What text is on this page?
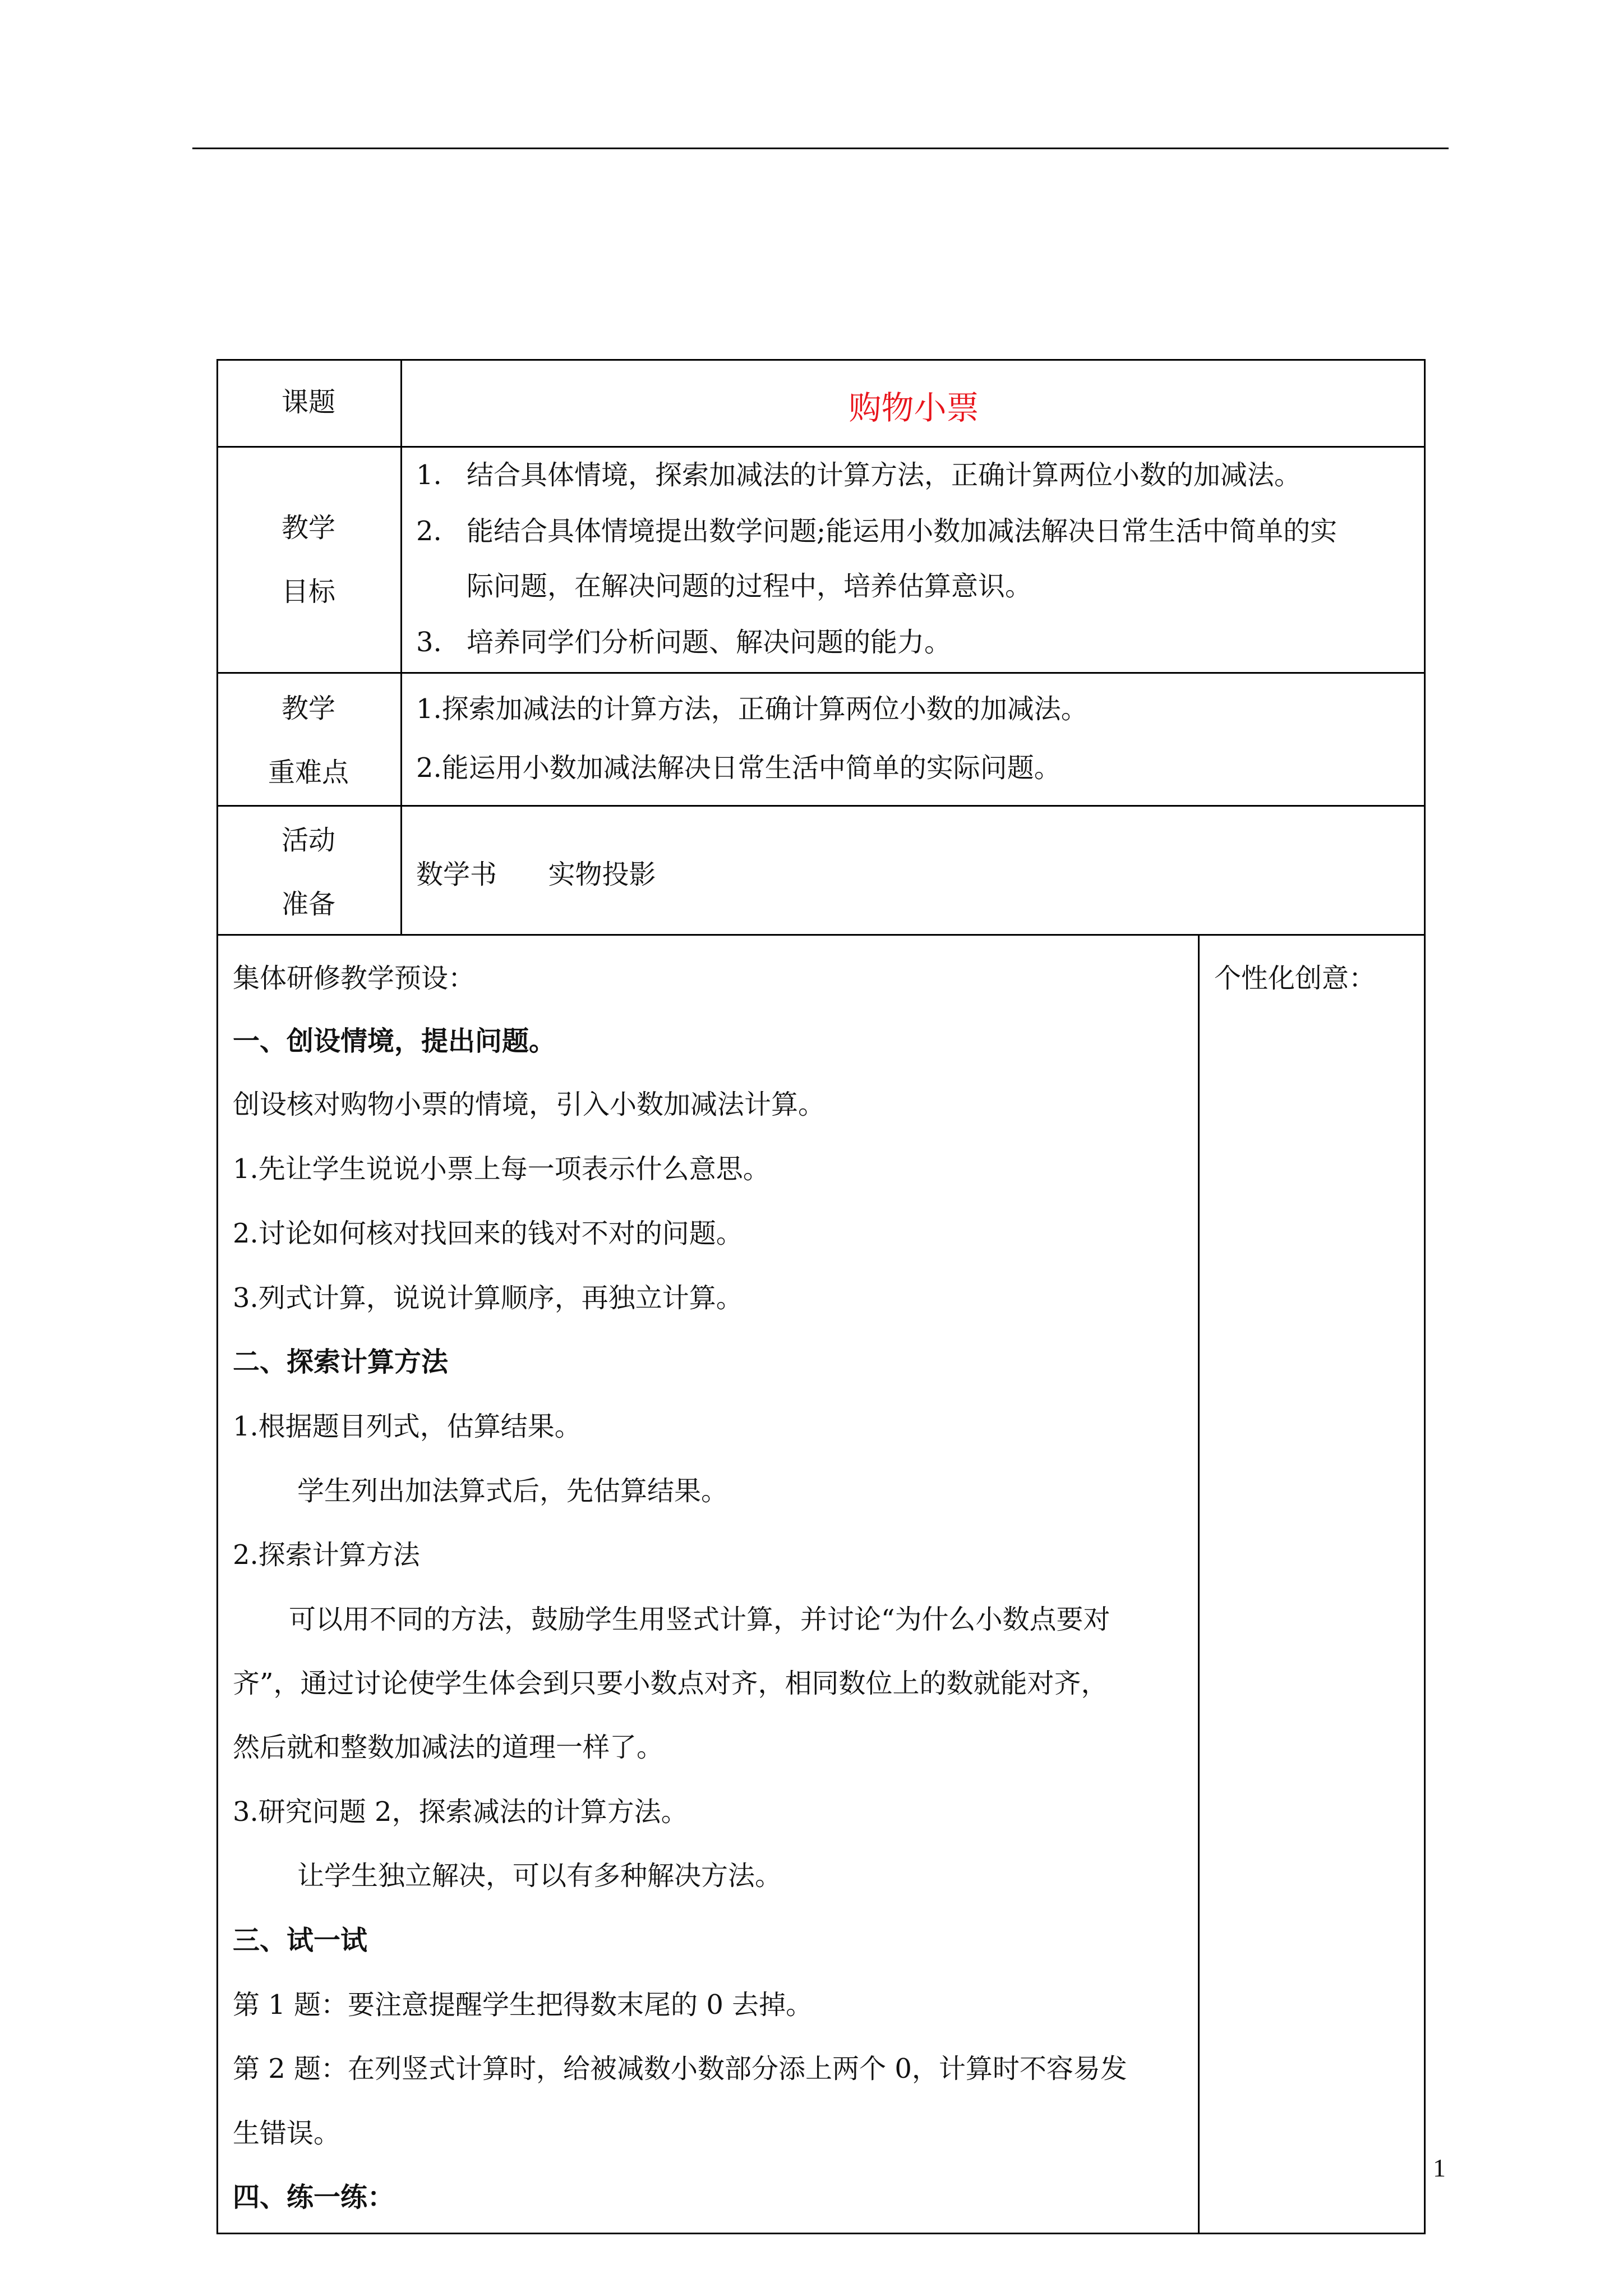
课题	购物小票
教学
目标
1. 结合具体情境，探索加减法的计算方法，正确计算两位小数的加减法。
2. 能结合具体情境提出数学问题;能运用小数加减法解决日常生活中简单的实
际问题，在解决问题的过程中，培养估算意识。
3. 培养同学们分析问题、解决问题的能力。
教学
重难点
1.探索加减法的计算方法，正确计算两位小数的加减法。
2.能运用小数加减法解决日常生活中简单的实际问题。
活动
准备
数学书      实物投影
集体研修教学预设：	个性化创意：
一、创设情境，提出问题。
创设核对购物小票的情境，引入小数加减法计算。
1.先让学生说说小票上每一项表示什么意思。
2.讨论如何核对找回来的钱对不对的问题。
3.列式计算，说说计算顺序，再独立计算。
二、探索计算方法
1.根据题目列式，估算结果。
学生列出加法算式后，先估算结果。
2.探索计算方法
可以用不同的方法，鼓励学生用竖式计算，并讨论“为什么小数点要对
齐”，通过讨论使学生体会到只要小数点对齐，相同数位上的数就能对齐，
然后就和整数加减法的道理一样了。
3.研究问题 2，探索减法的计算方法。
让学生独立解决，可以有多种解决方法。
三、试一试
第 1 题：要注意提醒学生把得数末尾的 0 去掉。
第 2 题：在列竖式计算时，给被减数小数部分添上两个 0，计算时不容易发
生错误。
四、练一练：
1
